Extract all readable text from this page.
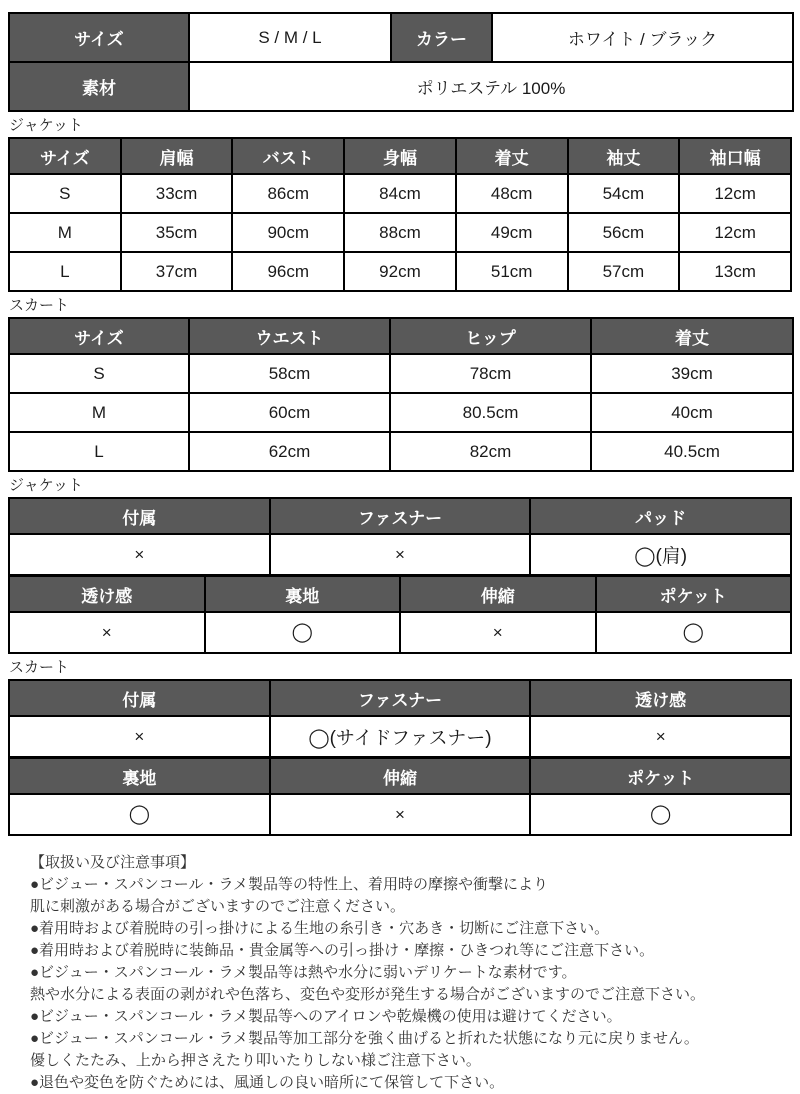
サイズ	S / M / L	カラー	ホワイト / ブラック
素材	ポリエステル 100%		
ジャケット
サイズ	肩幅	バスト	身幅	着丈	袖丈	袖口幅
S	33cm	86cm	84cm	48cm	54cm	12cm
M	35cm	90cm	88cm	49cm	56cm	12cm
L	37cm	96cm	92cm	51cm	57cm	13cm
スカート
サイズ	ウエスト	ヒップ	着丈
S	58cm	78cm	39cm
M	60cm	80.5cm	40cm
L	62cm	82cm	40.5cm
ジャケット
付属	ファスナー	パッド
×	×	◯(肩)
透け感	裏地	伸縮	ポケット
×	◯	×	◯
スカート
付属	ファスナー	透け感
×	◯(サイドファスナー)	×
裏地	伸縮	ポケット
◯	×	◯
【取扱い及び注意事項】
●ビジュー・スパンコール・ラメ製品等の特性上、着用時の摩擦や衝撃により
肌に刺激がある場合がございますのでご注意ください。
●着用時および着脱時の引っ掛けによる生地の糸引き・穴あき・切断にご注意下さい。
●着用時および着脱時に装飾品・貴金属等への引っ掛け・摩擦・ひきつれ等にご注意下さい。
●ビジュー・スパンコール・ラメ製品等は熱や水分に弱いデリケートな素材です。
熱や水分による表面の剥がれや色落ち、変色や変形が発生する場合がございますのでご注意下さい。
●ビジュー・スパンコール・ラメ製品等へのアイロンや乾燥機の使用は避けてください。
●ビジュー・スパンコール・ラメ製品等加工部分を強く曲げると折れた状態になり元に戻りません。
優しくたたみ、上から押さえたり叩いたりしない様ご注意下さい。
●退色や変色を防ぐためには、風通しの良い暗所にて保管して下さい。
